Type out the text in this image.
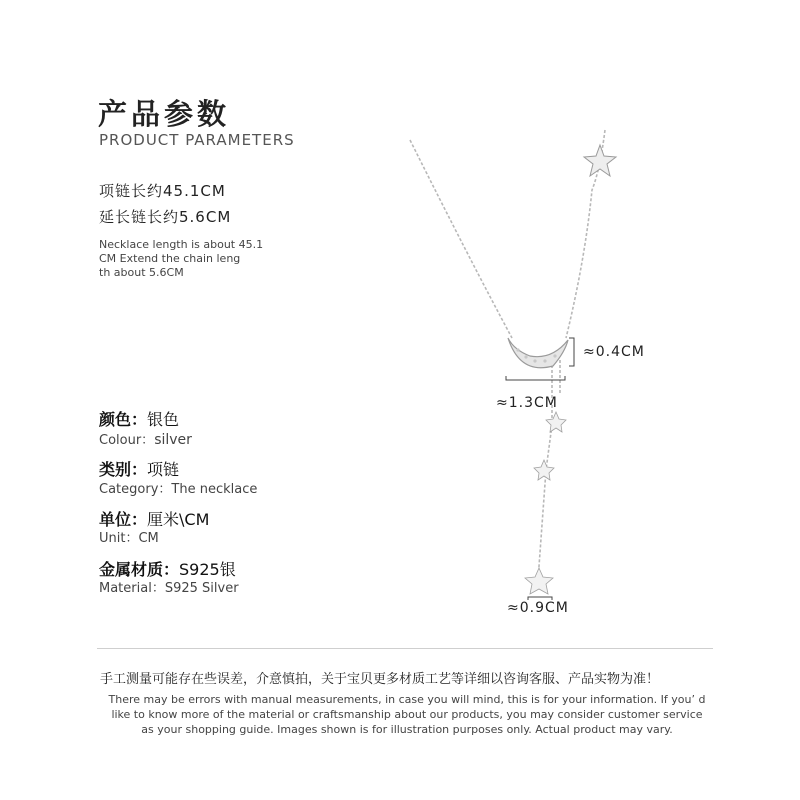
产品参数
PRODUCT PARAMETERS
项链长约45.1CM
延长链长约5.6CM
Necklace length is about 45.1
CM Extend the chain leng
th about 5.6CM
颜色：银色
Colour：silver
类别：项链
Category：The necklace
单位：厘米\CM
Unit：CM
金属材质：S925银
Material：S925 Silver
≈0.4CM
≈1.3CM
≈0.9CM
手工测量可能存在些误差，介意慎拍，关于宝贝更多材质工艺等详细以咨询客服、产品实物为准！
There may be errors with manual measurements, in case you will mind, this is for your information. If you’ d
like to know more of the material or craftsmanship about our products, you may consider customer service
as your shopping guide. Images shown is for illustration purposes only. Actual product may vary.
